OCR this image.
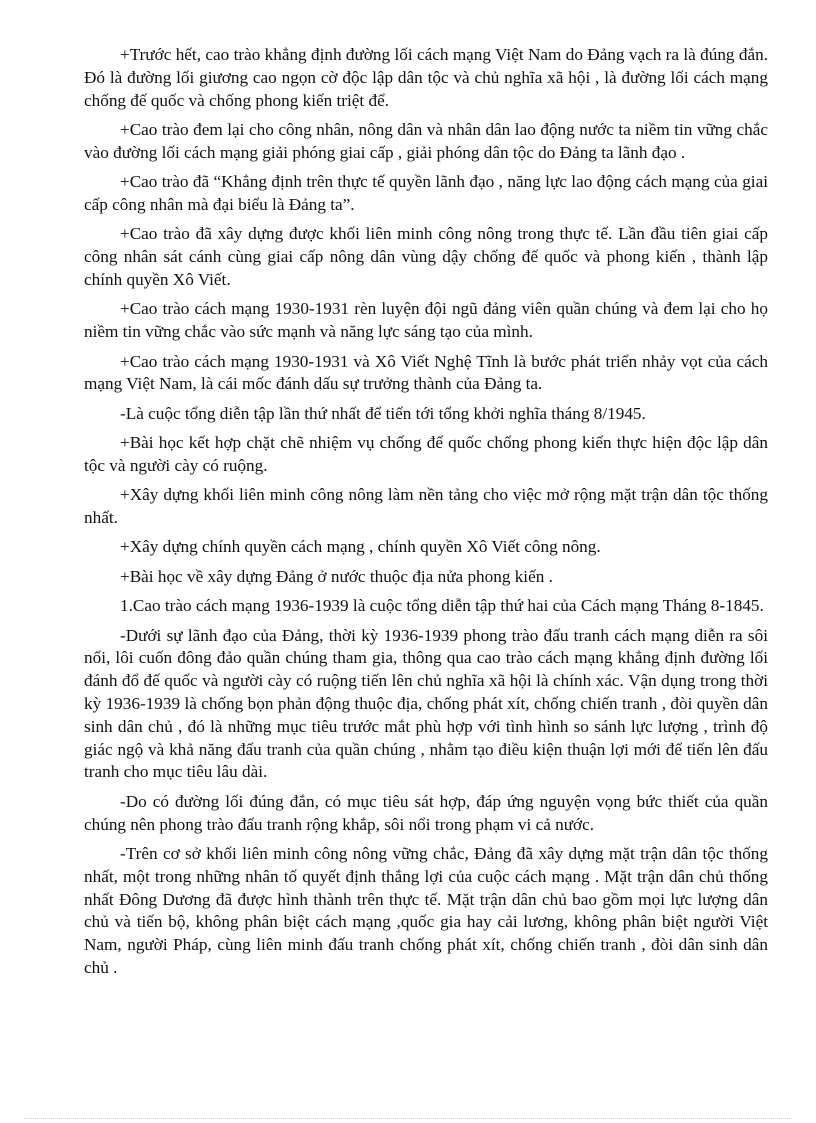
+Trước hết, cao trào khẳng định đường lối cách mạng Việt Nam do Đảng vạch ra là đúng đắn. Đó là đường lối giương cao ngọn cờ độc lập dân tộc và chủ nghĩa xã hội , là đường lối cách mạng chống đế quốc và chống phong kiến triệt để.

+Cao trào đem lại cho công nhân, nông dân và nhân dân lao động nước ta niềm tin vững chắc vào đường lối cách mạng giải phóng giai cấp , giải phóng dân tộc do Đảng ta lãnh đạo .

+Cao trào đã “Khẳng định trên thực tế quyền lãnh đạo , năng lực lao động cách mạng của giai cấp công nhân mà đại biểu là Đảng ta”.

+Cao trào đã xây dựng được khối liên minh công nông trong thực tế. Lần đầu tiên giai cấp công nhân sát cánh cùng giai cấp nông dân vùng dậy chống đế quốc và phong kiến , thành lập chính quyền Xô Viết.

+Cao trào cách mạng 1930-1931 rèn luyện đội ngũ đảng viên quần chúng và đem lại cho họ niềm tin vững chắc vào sức mạnh và năng lực sáng tạo của mình.

+Cao trào cách mạng 1930-1931 và Xô Viết Nghệ Tĩnh là bước phát triển nhảy vọt của cách mạng Việt Nam, là cái mốc đánh dấu sự trưởng thành của Đảng ta.

-Là cuộc tổng diễn tập lần thứ nhất để tiến tới tổng khởi nghĩa tháng 8/1945.

+Bài học kết hợp chặt chẽ nhiệm vụ chống đế quốc chống phong kiến thực hiện độc lập dân tộc và người cày có ruộng.

+Xây dựng khối liên minh công nông làm nền tảng cho việc mở rộng mặt trận dân tộc thống nhất.

+Xây dựng chính quyền cách mạng , chính quyền Xô Viết công nông.

+Bài học về xây dựng Đảng ở nước thuộc địa nửa phong kiến .

1.Cao trào cách mạng 1936-1939 là cuộc tổng diễn tập thứ hai của Cách mạng Tháng 8-1845.

-Dưới sự lãnh đạo của Đảng, thời kỳ 1936-1939 phong trào đấu tranh cách mạng diễn ra sôi nổi, lôi cuốn đông đảo quần chúng tham gia, thông qua cao trào cách mạng khẳng định đường lối đánh đổ đế quốc và người cày có ruộng tiến lên chủ nghĩa xã hội là chính xác. Vận dụng trong thời kỳ 1936-1939 là chống bọn phản động thuộc địa, chống phát xít, chống chiến tranh , đòi quyền dân sinh dân chủ , đó là những mục tiêu trước mắt phù hợp với tình hình so sánh lực lượng , trình độ giác ngộ và khả năng đấu tranh của quần chúng , nhằm tạo điều kiện thuận lợi mới để tiến lên đấu tranh cho mục tiêu lâu dài.

-Do có đường lối đúng đắn, có mục tiêu sát hợp, đáp ứng nguyện vọng bức thiết của quần chúng nên phong trào đấu tranh rộng khắp, sôi nổi trong phạm vi cả nước.

-Trên cơ sở khối liên minh công nông vững chắc, Đảng đã xây dựng mặt trận dân tộc thống nhất, một trong những nhân tố quyết định thắng lợi của cuộc cách mạng . Mặt trận dân chủ thống nhất Đông Dương đã được hình thành trên thực tế. Mặt trận dân chủ bao gồm mọi lực lượng dân chủ và tiến bộ, không phân biệt cách mạng ,quốc gia hay cải lương, không phân biệt người Việt Nam, người Pháp, cùng liên minh đấu tranh chống phát xít, chống chiến tranh , đòi dân sinh dân chủ .
